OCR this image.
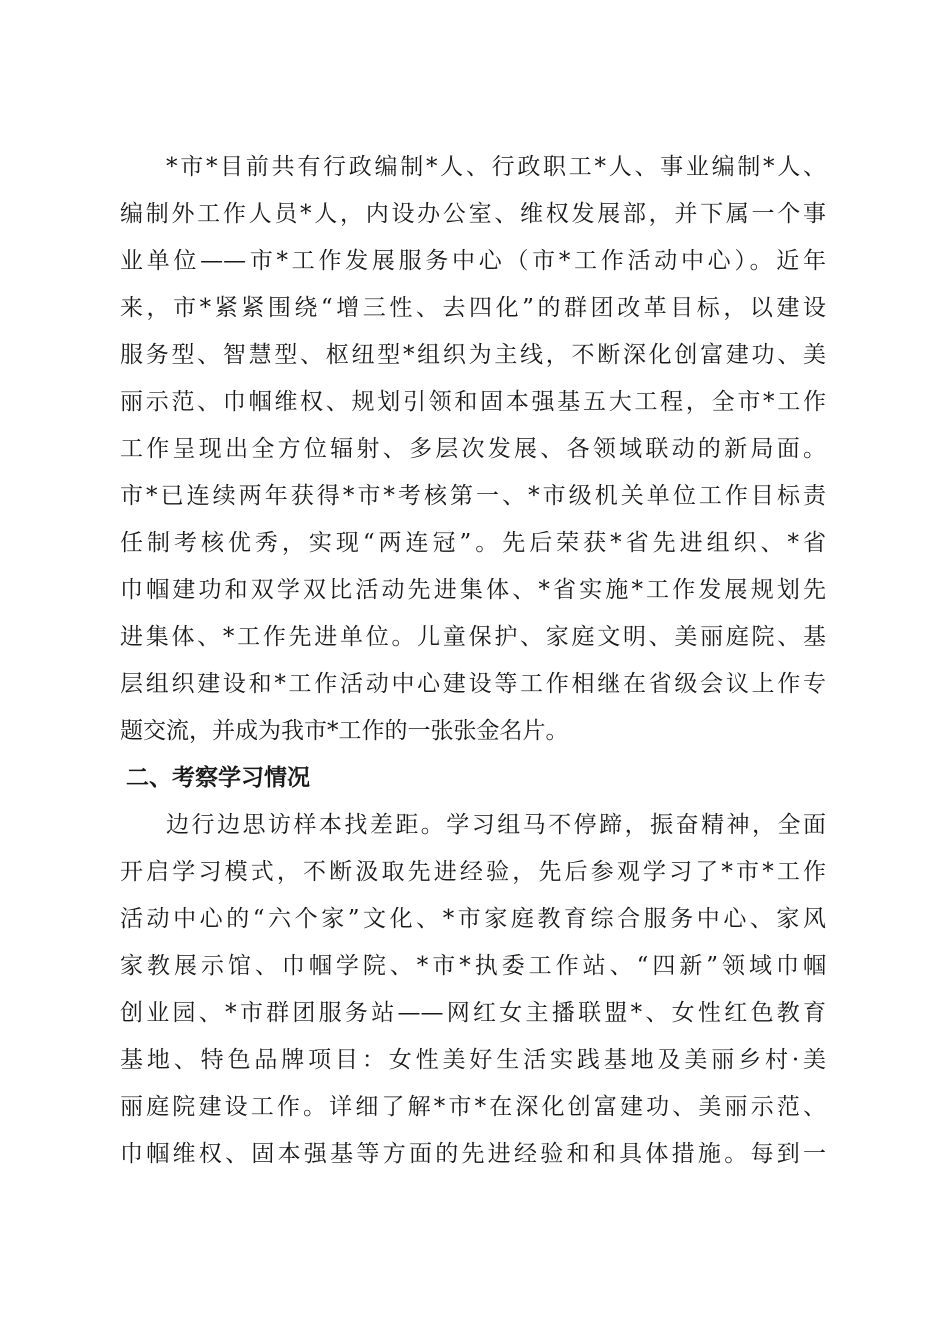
*市*目前共有行政编制*人、行政职工*人、事业编制*人、
编制外工作人员*人，内设办公室、维权发展部，并下属一个事
业单位——市*工作发展服务中心（市*工作活动中心）。近年
来，市*紧紧围绕“增三性、去四化”的群团改革目标，以建设
服务型、智慧型、枢纽型*组织为主线，不断深化创富建功、美
丽示范、巾帼维权、规划引领和固本强基五大工程，全市*工作
工作呈现出全方位辐射、多层次发展、各领域联动的新局面。
市*已连续两年获得*市*考核第一、*市级机关单位工作目标责
任制考核优秀，实现“两连冠”。先后荣获*省先进组织、*省
巾帼建功和双学双比活动先进集体、*省实施*工作发展规划先
进集体、*工作先进单位。儿童保护、家庭文明、美丽庭院、基
层组织建设和*工作活动中心建设等工作相继在省级会议上作专
题交流，并成为我市*工作的一张张金名片。
二、考察学习情况
边行边思访样本找差距。学习组马不停蹄，振奋精神，全面
开启学习模式，不断汲取先进经验，先后参观学习了*市*工作
活动中心的“六个家”文化、*市家庭教育综合服务中心、家风
家教展示馆、巾帼学院、*市*执委工作站、“四新”领域巾帼
创业园、*市群团服务站——网红女主播联盟*、女性红色教育
基地、特色品牌项目：女性美好生活实践基地及美丽乡村·美
丽庭院建设工作。详细了解*市*在深化创富建功、美丽示范、
巾帼维权、固本强基等方面的先进经验和和具体措施。每到一
